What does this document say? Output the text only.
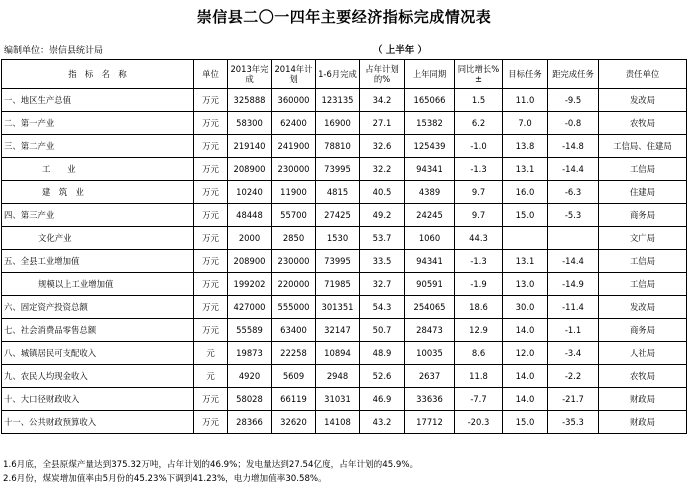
崇信县二〇一四年主要经济指标完成情况表
编制单位：崇信县统计局	（ 上半年 ）
指　标　名　称	单位	2013年完成	2014年计划	1-6月完成	占年计划的%	上年同期	同比增长%±	目标任务	距完成任务	责任单位
一、地区生产总值	万元	325888	360000	123135	34.2	165066	1.5	11.0	-9.5	发改局
二、第一产业	万元	58300	62400	16900	27.1	15382	6.2	7.0	-0.8	农牧局
三、第二产业	万元	219140	241900	78810	32.6	125439	-1.0	13.8	-14.8	工信局、住建局
工　　业	万元	208900	230000	73995	32.2	94341	-1.3	13.1	-14.4	工信局
建　筑　业	万元	10240	11900	4815	40.5	4389	9.7	16.0	-6.3	住建局
四、第三产业	万元	48448	55700	27425	49.2	24245	9.7	15.0	-5.3	商务局
文化产业	万元	2000	2850	1530	53.7	1060	44.3			文广局
五、全县工业增加值	万元	208900	230000	73995	33.5	94341	-1.3	13.1	-14.4	工信局
规模以上工业增加值	万元	199202	220000	71985	32.7	90591	-1.9	13.0	-14.9	工信局
六、固定资产投资总额	万元	427000	555000	301351	54.3	254065	18.6	30.0	-11.4	发改局
七、社会消费品零售总额	万元	55589	63400	32147	50.7	28473	12.9	14.0	-1.1	商务局
八、城镇居民可支配收入	元	19873	22258	10894	48.9	10035	8.6	12.0	-3.4	人社局
九、农民人均现金收入	元	4920	5609	2948	52.6	2637	11.8	14.0	-2.2	农牧局
十、大口径财政收入	万元	58028	66119	31031	46.9	33636	-7.7	14.0	-21.7	财政局
十一、公共财政预算收入	万元	28366	32620	14108	43.2	17712	-20.3	15.0	-35.3	财政局
1.6月底，全县原煤产量达到375.32万吨，占年计划的46.9%；发电量达到27.54亿度，占年计划的45.9%。
2.6月份，煤炭增加值率由5月份的45.23%下调到41.23%，电力增加值率30.58%。
